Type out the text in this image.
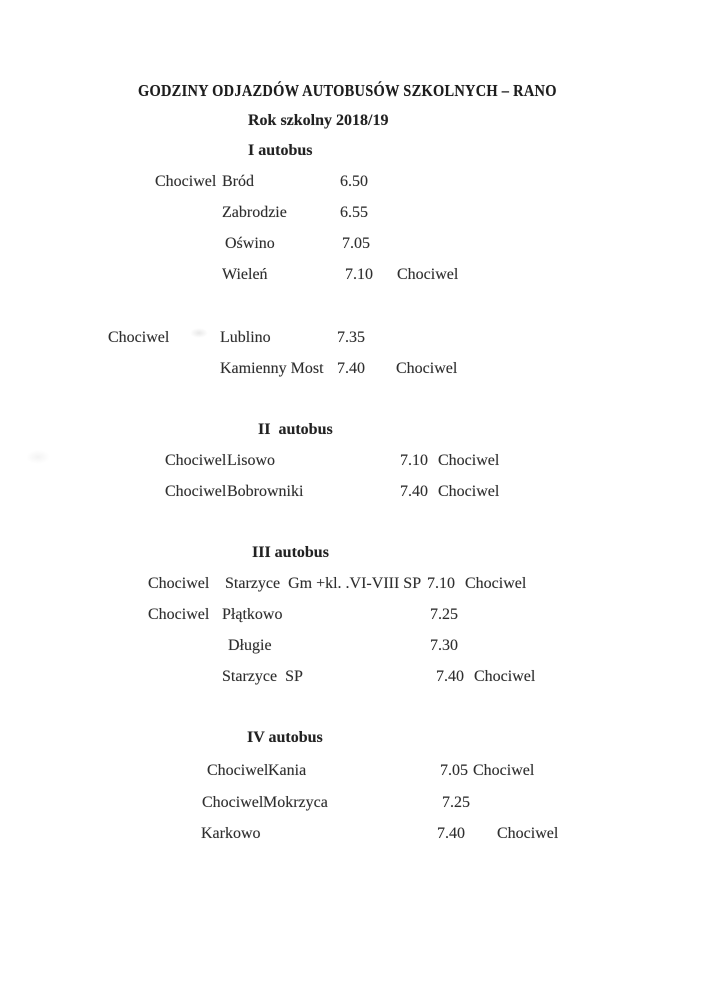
GODZINY ODJAZDÓW AUTOBUSÓW SZKOLNYCH – RANO
Rok szkolny 2018/19
I autobus
Chociwel Bród	6.50
Zabrodzie	6.55
Oświno	7.05
Wieleń	7.10 Chociwel
Chociwel	Lublino	7.35
Kamienny Most 7.40 Chociwel
II  autobus
Chociwel Lisowo	7.10 Chociwel
Chociwel Bobrowniki	7.40 Chociwel
III autobus
Chociwel Starzyce  Gm +kl. .VI-VIII SP 7.10 Chociwel
Chociwel Płątkowo	7.25
Długie	7.30
Starzyce  SP	7.40 Chociwel
IV autobus
Chociwel Kania	7.05 Chociwel
Chociwel Mokrzyca	7.25
Karkowo	7.40 Chociwel
